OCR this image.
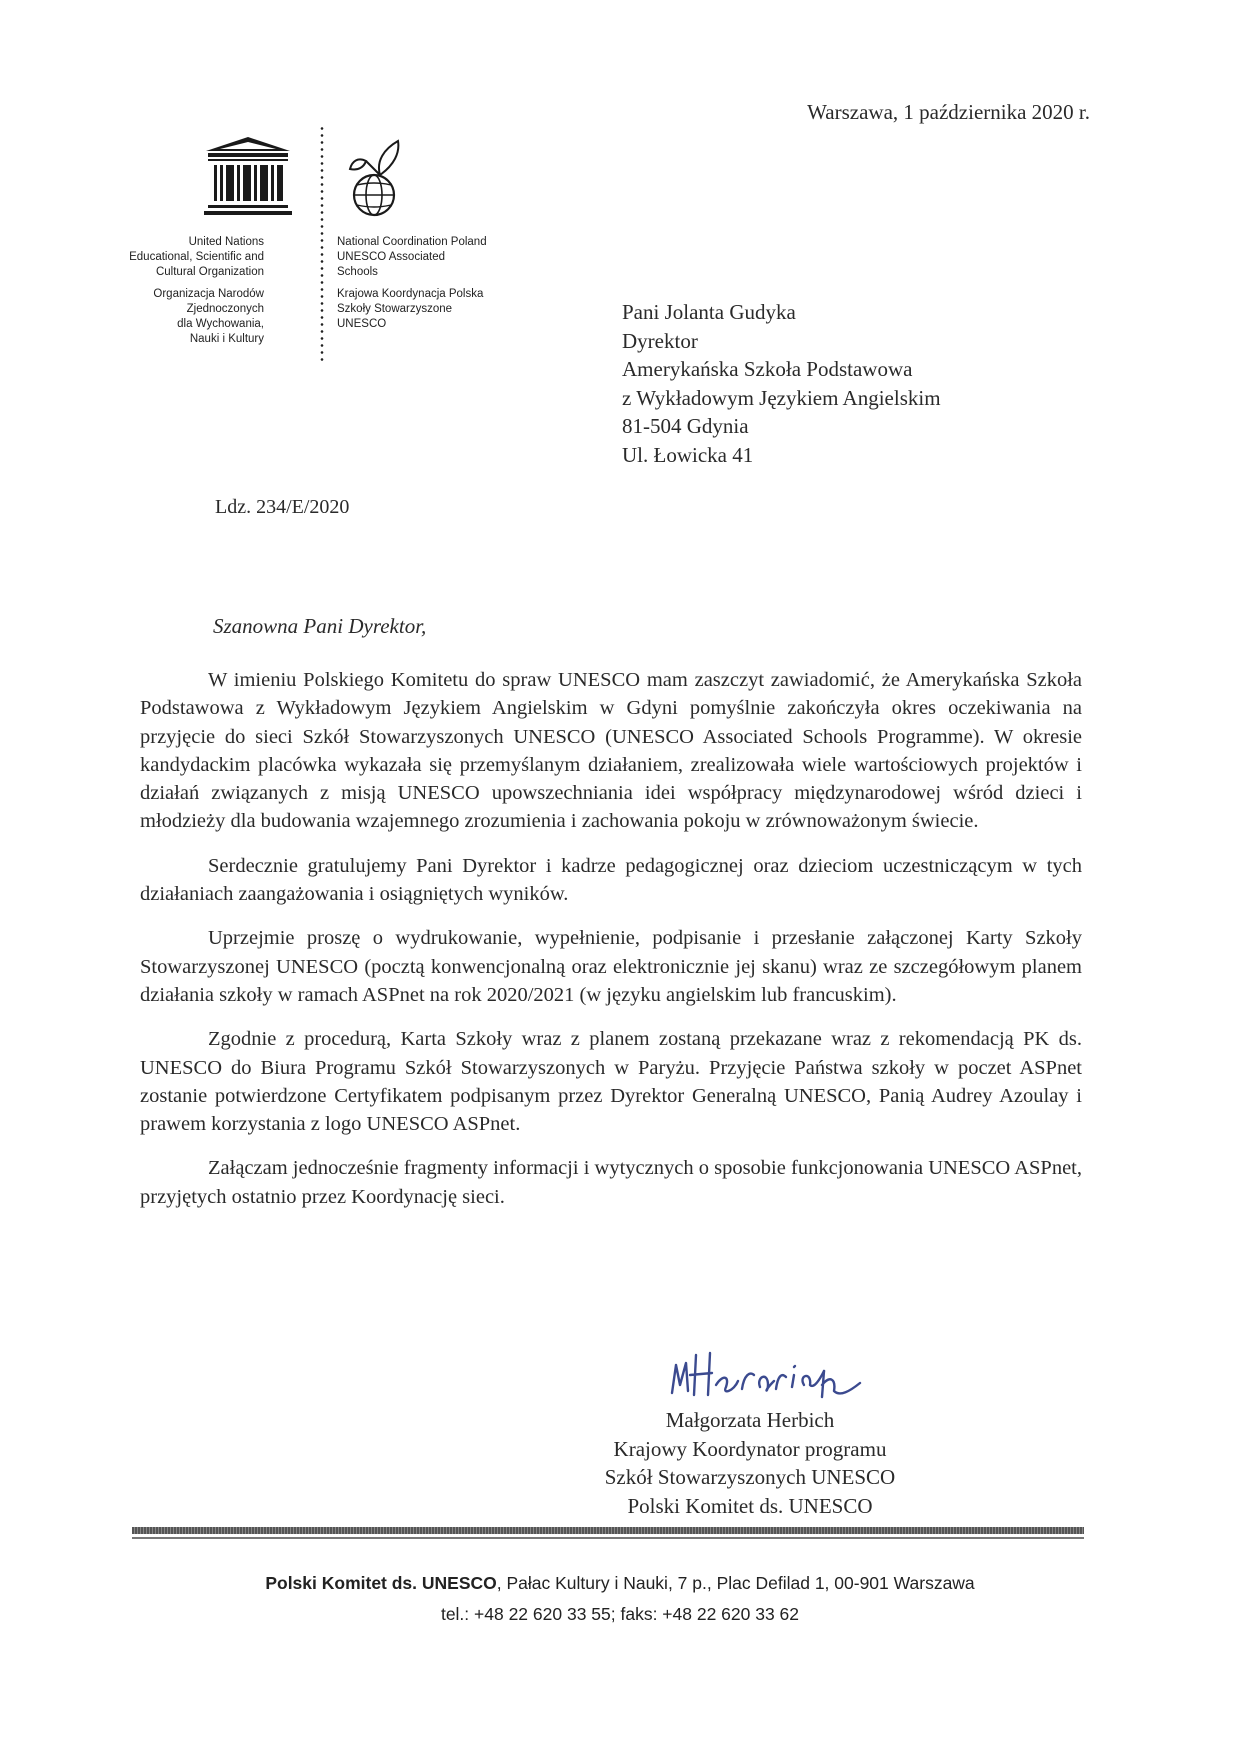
Warszawa, 1 października 2020 r.
United Nations
Educational, Scientific and
Cultural Organization
Organizacja Narodów
Zjednoczonych
dla Wychowania,
Nauki i Kultury
National Coordination Poland
UNESCO Associated
Schools
Krajowa Koordynacja Polska
Szkoły Stowarzyszone
UNESCO	Pani Jolanta Gudyka
Dyrektor
Amerykańska Szkoła Podstawowa
z Wykładowym Językiem Angielskim
81-504 Gdynia
Ul. Łowicka 41
Ldz. 234/E/2020
Szanowna Pani Dyrektor,

W imieniu Polskiego Komitetu do spraw UNESCO mam zaszczyt zawiadomić, że Amerykańska Szkoła Podstawowa z Wykładowym Językiem Angielskim w Gdyni pomyślnie zakończyła okres oczekiwania na przyjęcie do sieci Szkół Stowarzyszonych UNESCO (UNESCO Associated Schools Programme). W okresie kandydackim placówka wykazała się przemyślanym działaniem, zrealizowała wiele wartościowych projektów i działań związanych z misją UNESCO upowszechniania idei współpracy międzynarodowej wśród dzieci i młodzieży dla budowania wzajemnego zrozumienia i zachowania pokoju w zrównoważonym świecie.

Serdecznie gratulujemy Pani Dyrektor i kadrze pedagogicznej oraz dzieciom uczestniczącym w tych działaniach zaangażowania i osiągniętych wyników.

Uprzejmie proszę o wydrukowanie, wypełnienie, podpisanie i przesłanie załączonej Karty Szkoły Stowarzyszonej UNESCO (pocztą konwencjonalną oraz elektronicznie jej skanu) wraz ze szczegółowym planem działania szkoły w ramach ASPnet na rok 2020/2021 (w języku angielskim lub francuskim).

Zgodnie z procedurą, Karta Szkoły wraz z planem zostaną przekazane wraz z rekomendacją PK ds. UNESCO do Biura Programu Szkół Stowarzyszonych w Paryżu. Przyjęcie Państwa szkoły w poczet ASPnet zostanie potwierdzone Certyfikatem podpisanym przez Dyrektor Generalną UNESCO, Panią Audrey Azoulay i prawem korzystania z logo UNESCO ASPnet.

Załączam jednocześnie fragmenty informacji i wytycznych o sposobie funkcjonowania UNESCO ASPnet, przyjętych ostatnio przez Koordynację sieci.

Małgorzata Herbich
Krajowy Koordynator programu
Szkół Stowarzyszonych UNESCO
Polski Komitet ds. UNESCO
Polski Komitet ds. UNESCO, Pałac Kultury i Nauki, 7 p., Plac Defilad 1, 00-901 Warszawa
tel.: +48 22 620 33 55; faks: +48 22 620 33 62
